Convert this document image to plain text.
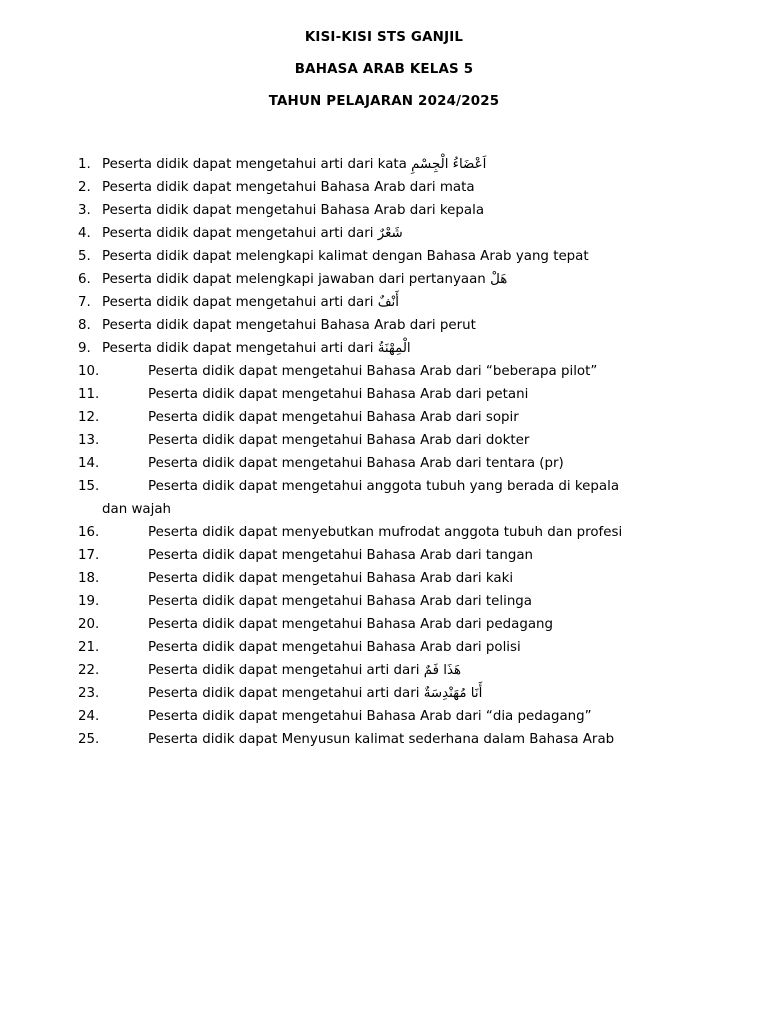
KISI-KISI STS GANJIL
BAHASA ARAB KELAS 5
TAHUN PELAJARAN 2024/2025
1. Peserta didik dapat mengetahui arti dari kata اَعْضَاءُ الْجِسْمِ
2. Peserta didik dapat mengetahui Bahasa Arab dari mata
3. Peserta didik dapat mengetahui Bahasa Arab dari kepala
4. Peserta didik dapat mengetahui arti dari شَعْرٌ
5. Peserta didik dapat melengkapi kalimat dengan Bahasa Arab yang tepat
6. Peserta didik dapat melengkapi jawaban dari pertanyaan هَلْ
7. Peserta didik dapat mengetahui arti dari أَنْفٌ
8. Peserta didik dapat mengetahui Bahasa Arab dari perut
9. Peserta didik dapat mengetahui arti dari الْمِهْنَةُ
10.	Peserta didik dapat mengetahui Bahasa Arab dari “beberapa pilot”
11.	Peserta didik dapat mengetahui Bahasa Arab dari petani
12.	Peserta didik dapat mengetahui Bahasa Arab dari sopir
13.	Peserta didik dapat mengetahui Bahasa Arab dari dokter
14.	Peserta didik dapat mengetahui Bahasa Arab dari tentara (pr)
15.	Peserta didik dapat mengetahui anggota tubuh yang berada di kepala
dan wajah
16.	Peserta didik dapat menyebutkan mufrodat anggota tubuh dan profesi
17.	Peserta didik dapat mengetahui Bahasa Arab dari tangan
18.	Peserta didik dapat mengetahui Bahasa Arab dari kaki
19.	Peserta didik dapat mengetahui Bahasa Arab dari telinga
20.	Peserta didik dapat mengetahui Bahasa Arab dari pedagang
21.	Peserta didik dapat mengetahui Bahasa Arab dari polisi
22.	Peserta didik dapat mengetahui arti dari هَذَا فَمٌ
23.	Peserta didik dapat mengetahui arti dari أَنَا مُهَنْدِسَةٌ
24.	Peserta didik dapat mengetahui Bahasa Arab dari “dia pedagang”
25.	Peserta didik dapat Menyusun kalimat sederhana dalam Bahasa Arab
